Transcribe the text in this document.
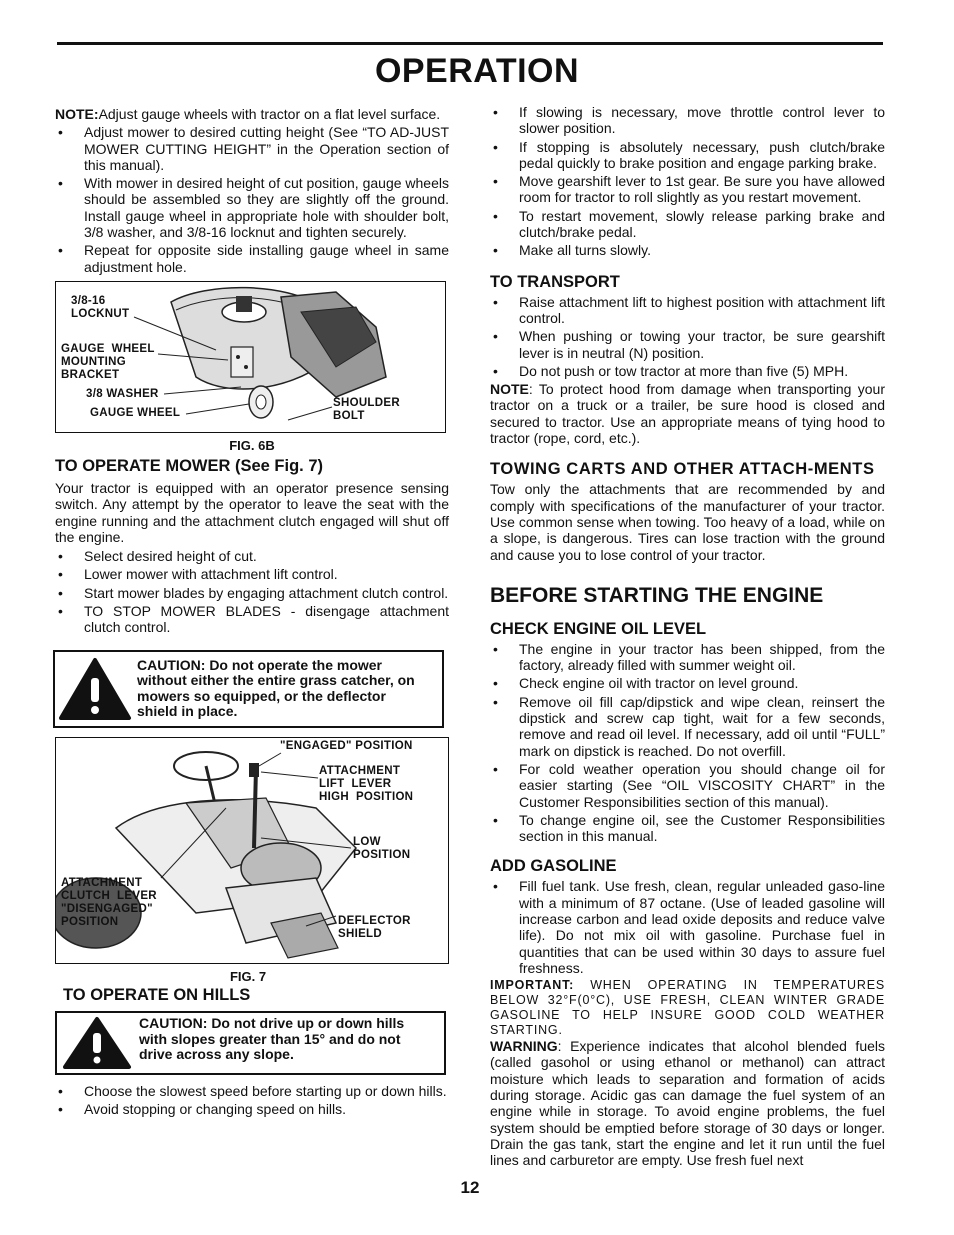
OPERATION

NOTE:Adjust gauge wheels with tractor on a flat level surface.

• Adjust mower to desired cutting height (See “TO AD-JUST MOWER CUTTING HEIGHT” in the Operation section of this manual).
• With mower in desired height of cut position, gauge wheels should be assembled so they are slightly off the ground. Install gauge wheel in appropriate hole with shoulder bolt, 3/8 washer, and 3/8-16 locknut and tighten securely.
• Repeat for opposite side installing gauge wheel in same adjustment hole.
3/8-16
LOCKNUT
GAUGE  WHEEL
MOUNTING
BRACKET
3/8 WASHER
GAUGE WHEEL
SHOULDER
BOLT
FIG. 6B
TO OPERATE MOWER (See Fig. 7)

Your tractor is equipped with an operator presence sensing switch. Any attempt by the operator to leave the seat with the engine running and the attachment clutch engaged will shut off the engine.

• Select desired height of cut.
• Lower mower with attachment lift control.
• Start mower blades by engaging attachment clutch control.
• TO STOP MOWER BLADES - disengage attachment clutch control.
CAUTION: Do not operate the mower without either the entire grass catcher, on mowers so equipped, or the deflector shield in place.
"ENGAGED" POSITION
ATTACHMENT
LIFT  LEVER
HIGH  POSITION
LOW
POSITION
ATTACHMENT
CLUTCH  LEVER
"DISENGAGED"
POSITION	DEFLECTOR
SHIELD
FIG. 7
TO OPERATE ON HILLS
CAUTION: Do not drive up or down hills with slopes greater than 15° and do not drive across any slope.
• Choose the slowest speed before starting up or down hills.
• Avoid stopping or changing speed on hills.
• If slowing is necessary, move throttle control lever to slower position.
• If stopping is absolutely necessary, push clutch/brake pedal quickly to brake position and engage parking brake.
• Move gearshift lever to 1st gear. Be sure you have allowed room for tractor to roll slightly as you restart movement.
• To restart movement, slowly release parking brake and clutch/brake pedal.
• Make all turns slowly.
TO TRANSPORT
• Raise attachment lift to highest position with attachment lift control.
• When pushing or towing your tractor, be sure gearshift lever is in neutral (N) position.
• Do not push or tow tractor at more than five (5) MPH.

NOTE: To protect hood from damage when transporting your tractor on a truck or a trailer, be sure hood is closed and secured to tractor. Use an appropriate means of tying hood to tractor (rope, cord, etc.).

TOWING CARTS AND OTHER ATTACH-MENTS

Tow only the attachments that are recommended by and comply with specifications of the manufacturer of your tractor. Use common sense when towing. Too heavy of a load, while on a slope, is dangerous. Tires can lose traction with the ground and cause you to lose control of your tractor.

BEFORE STARTING THE ENGINE
CHECK ENGINE OIL LEVEL
• The engine in your tractor has been shipped, from the factory, already filled with summer weight oil.
• Check engine oil with tractor on level ground.
• Remove oil fill cap/dipstick and wipe clean, reinsert the dipstick and screw cap tight, wait for a few seconds, remove and read oil level. If necessary, add oil until “FULL” mark on dipstick is reached. Do not overfill.
• For cold weather operation you should change oil for easier starting (See “OIL VISCOSITY CHART” in the Customer Responsibilities section of this manual).
• To change engine oil, see the Customer Responsibilities section in this manual.
ADD GASOLINE
• Fill fuel tank. Use fresh, clean, regular unleaded gaso-line with a minimum of 87 octane. (Use of leaded gasoline will increase carbon and lead oxide deposits and reduce valve life). Do not mix oil with gasoline. Purchase fuel in quantities that can be used within 30 days to assure fuel freshness.

IMPORTANT: WHEN OPERATING IN TEMPERATURES BELOW 32°F(0°C), USE FRESH, CLEAN WINTER GRADE GASOLINE TO HELP INSURE GOOD COLD WEATHER STARTING.

WARNING: Experience indicates that alcohol blended fuels (called gasohol or using ethanol or methanol) can attract moisture which leads to separation and formation of acids during storage. Acidic gas can damage the fuel system of an engine while in storage. To avoid engine problems, the fuel system should be emptied before storage of 30 days or longer. Drain the gas tank, start the engine and let it run until the fuel lines and carburetor are empty. Use fresh fuel next

12
